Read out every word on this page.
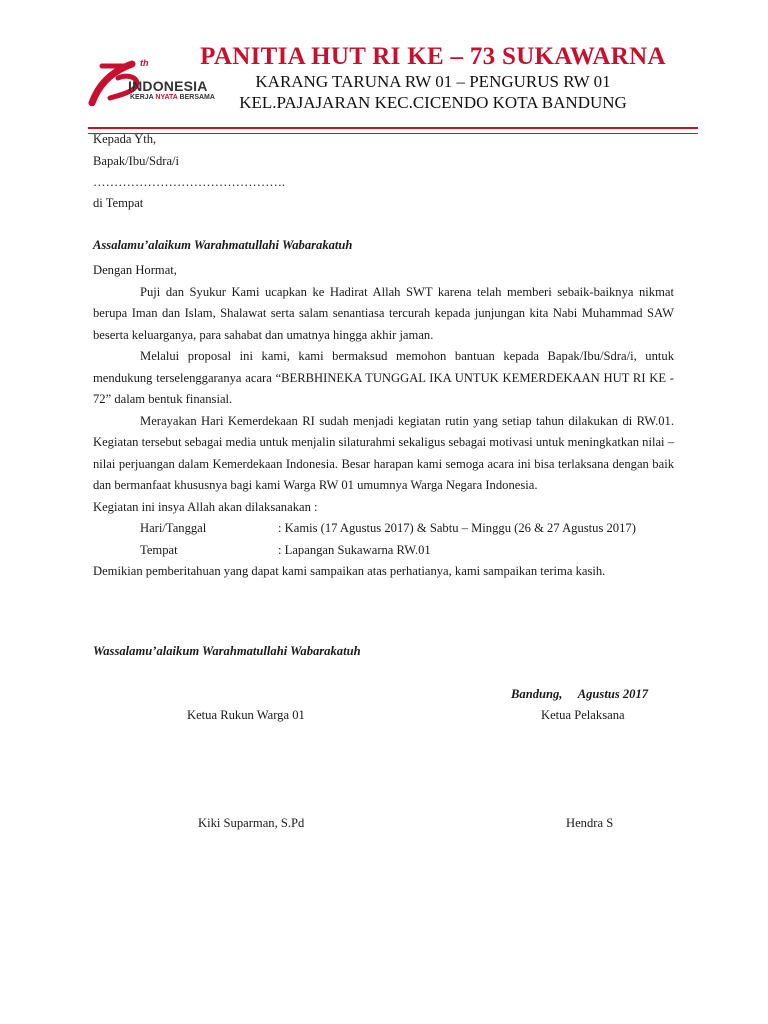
th
INDONESIA
KERJA NYATA BERSAMA
PANITIA HUT RI KE – 73 SUKAWARNA
KARANG TARUNA RW 01 – PENGURUS RW 01
KEL.PAJAJARAN KEC.CICENDO KOTA BANDUNG
Kepada Yth,
Bapak/Ibu/Sdra/i
……………………………………….
di Tempat
Assalamu’alaikum Warahmatullahi Wabarakatuh

Dengan Hormat,

Puji dan Syukur Kami ucapkan ke Hadirat Allah SWT karena telah memberi sebaik-baiknya nikmat berupa Iman dan Islam, Shalawat serta salam senantiasa tercurah kepada junjungan kita Nabi Muhammad SAW beserta keluarganya, para sahabat dan umatnya hingga akhir jaman.

Melalui proposal ini kami, kami bermaksud memohon bantuan kepada Bapak/Ibu/Sdra/i, untuk mendukung terselenggaranya acara “BERBHINEKA TUNGGAL IKA UNTUK KEMERDEKAAN HUT RI KE - 72” dalam bentuk finansial.

Merayakan Hari Kemerdekaan RI sudah menjadi kegiatan rutin yang setiap tahun dilakukan di RW.01. Kegiatan tersebut sebagai media untuk menjalin silaturahmi sekaligus sebagai motivasi untuk meningkatkan nilai – nilai perjuangan dalam Kemerdekaan Indonesia. Besar harapan kami semoga acara ini bisa terlaksana dengan baik dan bermanfaat khususnya bagi kami Warga RW 01 umumnya Warga Negara Indonesia.

Kegiatan ini insya Allah akan dilaksanakan :

Hari/Tanggal	: Kamis (17 Agustus 2017) & Sabtu – Minggu (26 & 27 Agustus 2017)
Tempat	: Lapangan Sukawarna RW.01

Demikian pemberitahuan yang dapat kami sampaikan atas perhatianya, kami sampaikan terima kasih.

Wassalamu’alaikum Warahmatullahi Wabarakatuh
Bandung,     Agustus 2017
Ketua Rukun Warga 01	Ketua Pelaksana
Kiki Suparman, S.Pd	Hendra S
